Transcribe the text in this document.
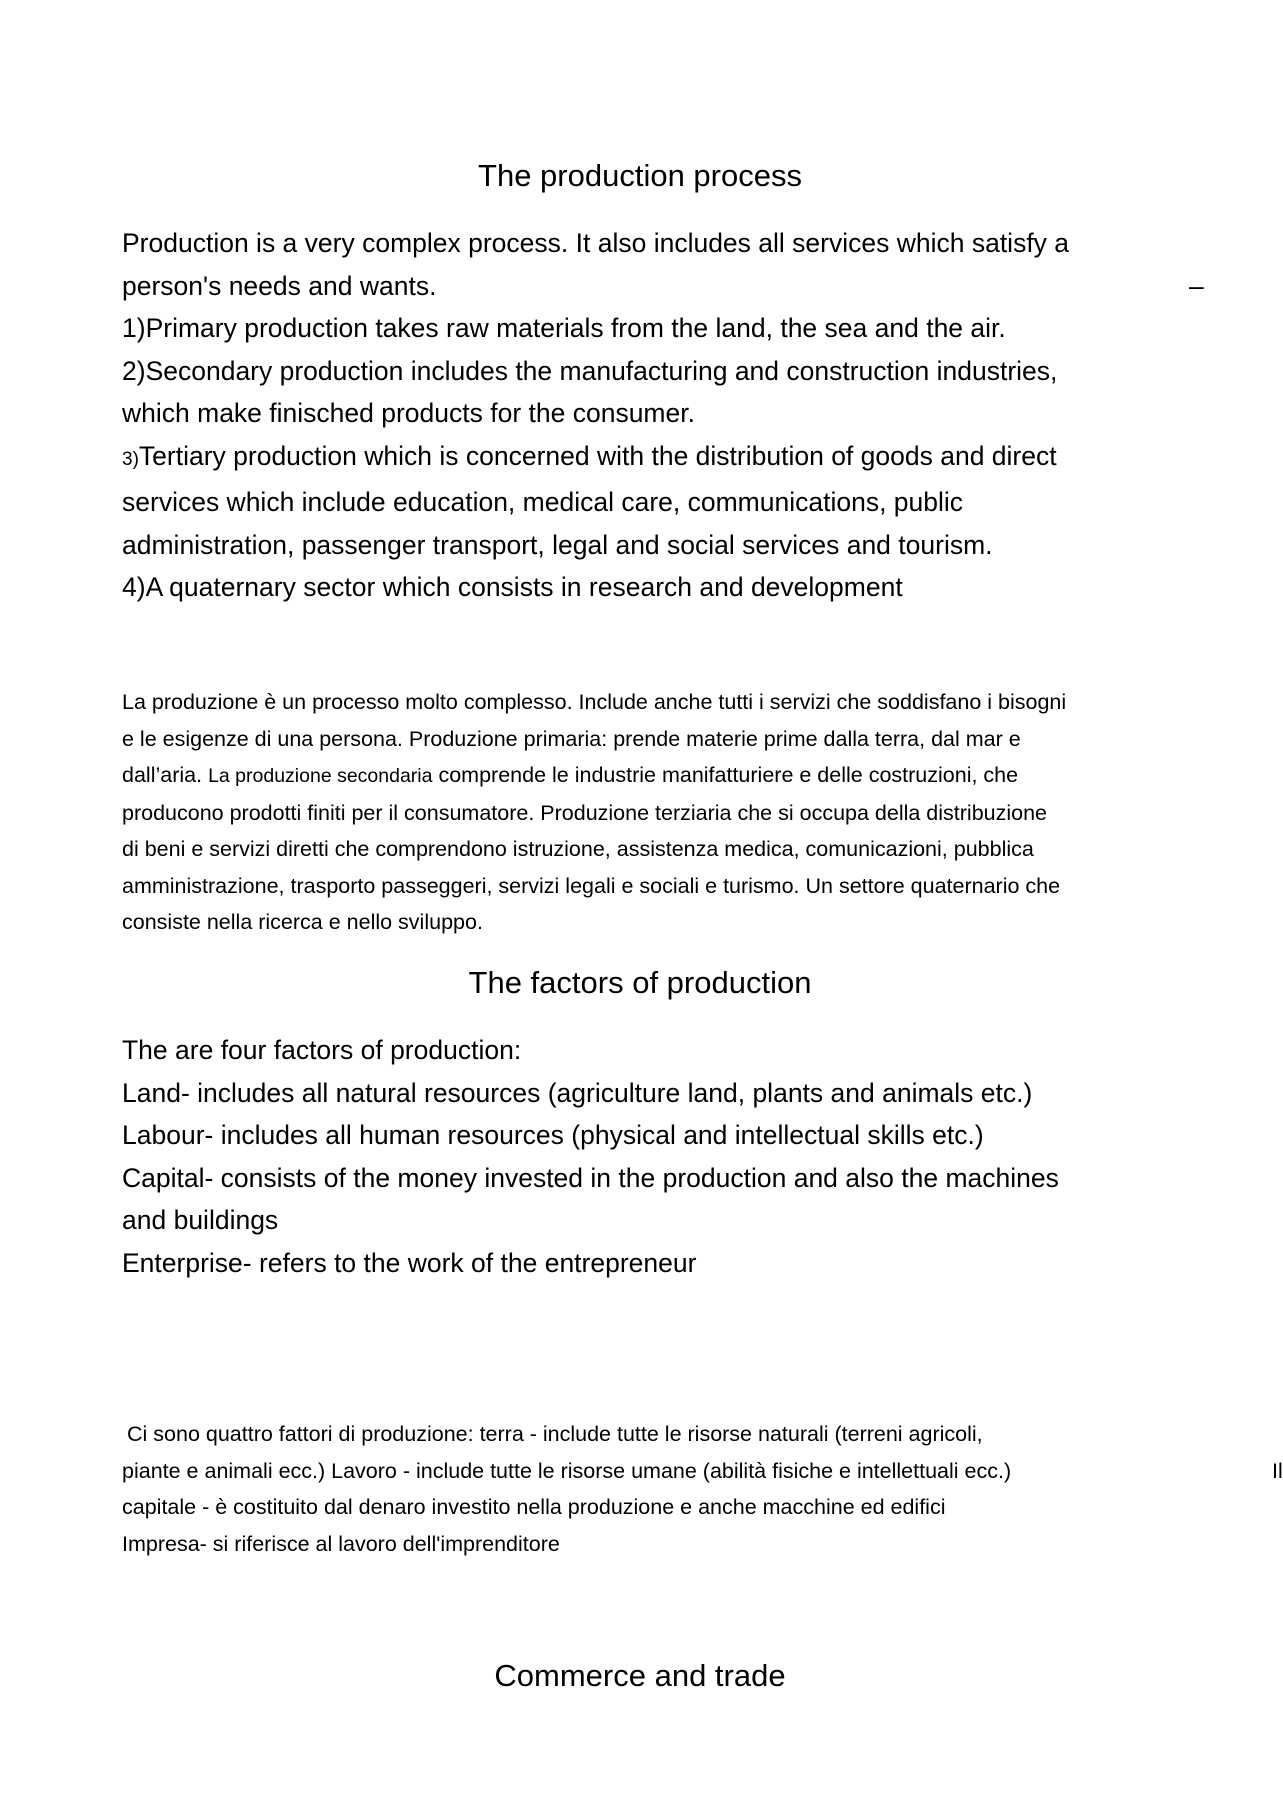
The production process
Production is a very complex process. It also includes all services which satisfy a
person's needs and wants.	–
1)Primary production takes raw materials from the land, the sea and the air.
2)Secondary production includes the manufacturing and construction industries,
which make finisched products for the consumer.
3)Tertiary production which is concerned with the distribution of goods and direct
services which include education, medical care, communications, public
administration, passenger transport, legal and social services and tourism.
4)A quaternary sector which consists in research and development
La produzione è un processo molto complesso. Include anche tutti i servizi che soddisfano i bisogni
e le esigenze di una persona. Produzione primaria: prende materie prime dalla terra, dal mar e
dall’aria. La produzione secondaria comprende le industrie manifatturiere e delle costruzioni, che
producono prodotti finiti per il consumatore. Produzione terziaria che si occupa della distribuzione
di beni e servizi diretti che comprendono istruzione, assistenza medica, comunicazioni, pubblica
amministrazione, trasporto passeggeri, servizi legali e sociali e turismo. Un settore quaternario che
consiste nella ricerca e nello sviluppo.
The factors of production
The are four factors of production:
Land- includes all natural resources (agriculture land, plants and animals etc.)
Labour- includes all human resources (physical and intellectual skills etc.)
Capital- consists of the money invested in the production and also the machines
and buildings
Enterprise- refers to the work of the entrepreneur
Ci sono quattro fattori di produzione: terra - include tutte le risorse naturali (terreni agricoli,
piante e animali ecc.) Lavoro - include tutte le risorse umane (abilità fisiche e intellettuali ecc.)	Il
capitale - è costituito dal denaro investito nella produzione e anche macchine ed edifici
Impresa- si riferisce al lavoro dell'imprenditore
Commerce and trade
